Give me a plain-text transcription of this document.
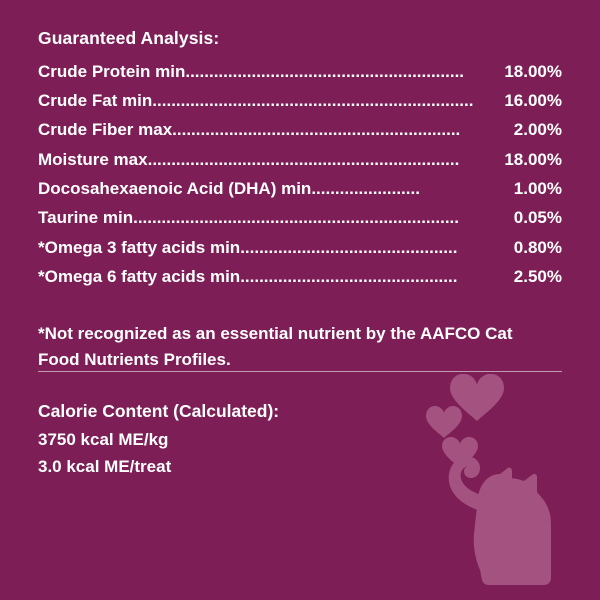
Guaranteed Analysis:
Crude Protein min ...........................................................	18.00%
Crude Fat min ....................................................................	16.00%
Crude Fiber max .............................................................	2.00%
Moisture max ..................................................................	18.00%
Docosahexaenoic Acid (DHA) min .......................	1.00%
Taurine min .....................................................................	0.05%
*Omega 3 fatty acids min ..............................................	0.80%
*Omega 6 fatty acids min ..............................................	2.50%
*Not recognized as an essential nutrient by the AAFCO Cat Food Nutrients Profiles.
Calorie Content (Calculated):
3750 kcal ME/kg
3.0 kcal ME/treat
